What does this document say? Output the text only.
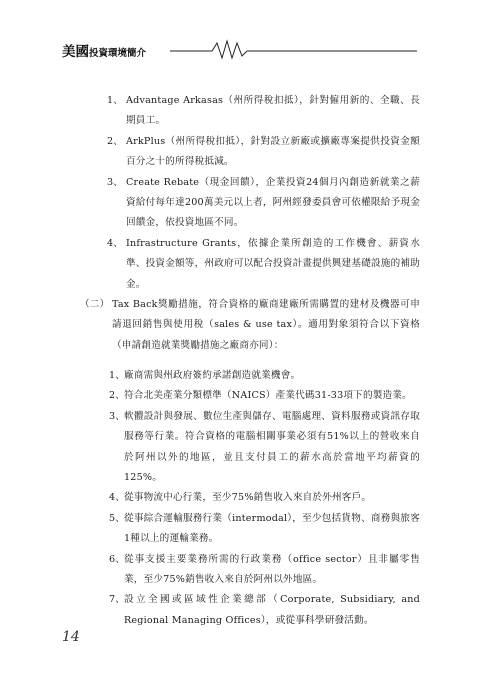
美國投資環境簡介

1、 Advantage Arkasas（州所得稅扣抵），針對僱用新的、全職、長期員工。

2、 ArkPlus（州所得稅扣抵），針對設立新廠或擴廠專案提供投資金額百分之十的所得稅抵減。

3、 Create Rebate（現金回饋），企業投資24個月內創造新就業之薪資給付每年達200萬美元以上者，阿州經發委員會可依權限給予現金回饋金，依投資地區不同。

4、 Infrastructure Grants，依據企業所創造的工作機會、薪資水準、投資金額等，州政府可以配合投資計畫提供興建基礎設施的補助金。

（二） Tax Back獎勵措施，符合資格的廠商建廠所需購置的建材及機器可申請退回銷售與使用稅（sales & use tax）。適用對象須符合以下資格（申請創造就業獎勵措施之廠商亦同）：

1、
廠商需與州政府簽約承諾創造就業機會。

2、
符合北美產業分類標準（NAICS）產業代碼31-33項下的製造業。

3、
軟體設計與發展、數位生產與儲存、電腦處理、資料服務或資訊存取服務等行業。符合資格的電腦相關事業必須有51%以上的營收來自於阿州以外的地區，並且支付員工的薪水高於當地平均薪資的125%。

4、
從事物流中心行業，至少75%銷售收入來自於外州客戶。

5、
從事綜合運輸服務行業（intermodal），至少包括貨物、商務與旅客1種以上的運輸業務。

6、
從事支援主要業務所需的行政業務（office sector）且非屬零售業，至少75%銷售收入來自於阿州以外地區。

7、
設立全國或區域性企業總部（Corporate, Subsidiary, and Regional Managing Offices），或從事科學研發活動。

14
